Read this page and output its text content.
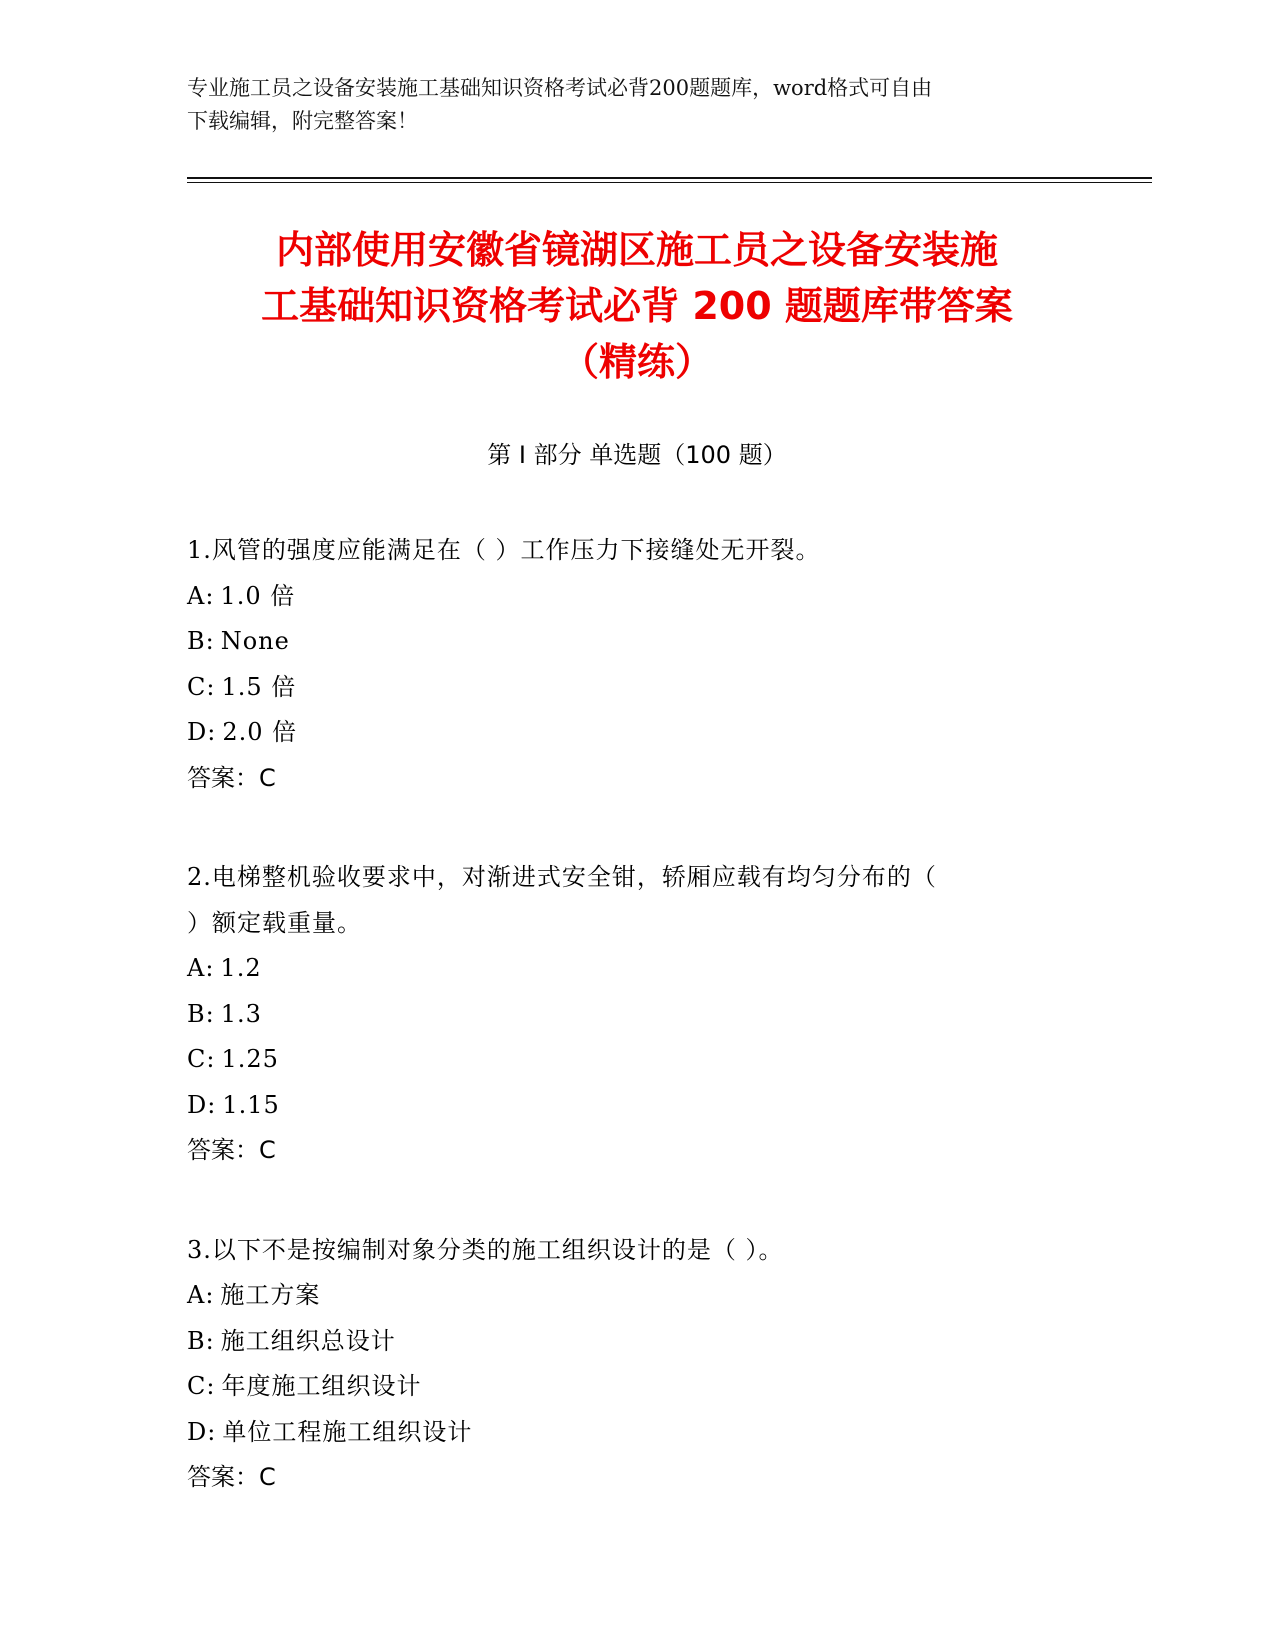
专业施工员之设备安装施工基础知识资格考试必背200题题库，word格式可自由
下载编辑，附完整答案！
内部使用安徽省镜湖区施工员之设备安装施
工基础知识资格考试必背 200 题题库带答案
（精练）
第 I 部分 单选题（100 题）
1.风管的强度应能满足在（ ）工作压力下接缝处无开裂。
A: 1.0 倍
B: None
C: 1.5 倍
D: 2.0 倍
答案：C
2.电梯整机验收要求中，对渐进式安全钳，轿厢应载有均匀分布的（
）额定载重量。
A: 1.2
B: 1.3
C: 1.25
D: 1.15
答案：C
3.以下不是按编制对象分类的施工组织设计的是（ ）。
A: 施工方案
B: 施工组织总设计
C: 年度施工组织设计
D: 单位工程施工组织设计
答案：C
